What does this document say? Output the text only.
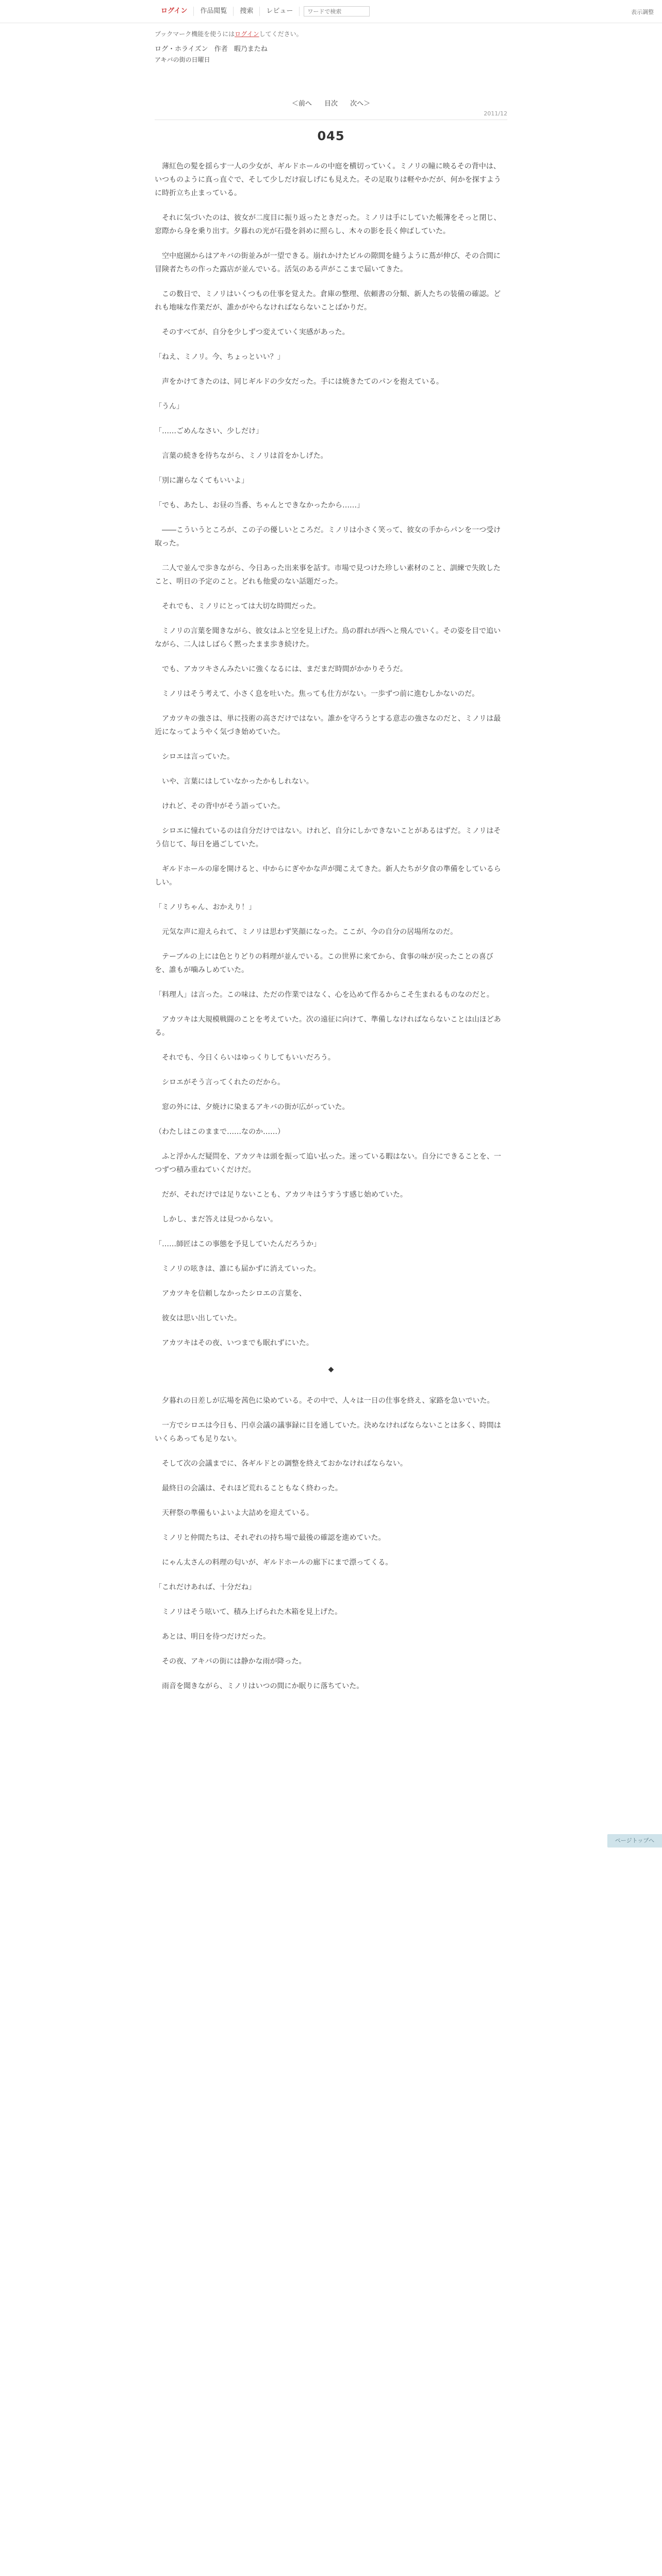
ログイン	作品閲覧	捜索	レビュー
ワードで検索	表示調整
ブックマーク機能を使うにはログインしてください。
ログ・ホライズン 作者 暇乃またね
アキバの街の日曜日
＜前へ 目次 次へ＞
2011/12
045

薄紅色の髪を揺らす一人の少女が、ギルドホールの中庭を横切っていく。ミノリの瞳に映るその背中は、いつものように真っ直ぐで、そして少しだけ寂しげにも見えた。その足取りは軽やかだが、何かを探すように時折立ち止まっている。

それに気づいたのは、彼女が二度目に振り返ったときだった。ミノリは手にしていた帳簿をそっと閉じ、窓際から身を乗り出す。夕暮れの光が石畳を斜めに照らし、木々の影を長く伸ばしていた。

空中庭園からはアキバの街並みが一望できる。崩れかけたビルの隙間を縫うように蔦が伸び、その合間に冒険者たちの作った露店が並んでいる。活気のある声がここまで届いてきた。

この数日で、ミノリはいくつもの仕事を覚えた。倉庫の整理、依頼書の分類、新人たちの装備の確認。どれも地味な作業だが、誰かがやらなければならないことばかりだ。

そのすべてが、自分を少しずつ変えていく実感があった。

「ねえ、ミノリ。今、ちょっといい？」

声をかけてきたのは、同じギルドの少女だった。手には焼きたてのパンを抱えている。

「うん」

「……ごめんなさい、少しだけ」

言葉の続きを待ちながら、ミノリは首をかしげた。

「別に謝らなくてもいいよ」

「でも、あたし、お昼の当番、ちゃんとできなかったから……」

――こういうところが、この子の優しいところだ。ミノリは小さく笑って、彼女の手からパンを一つ受け取った。

二人で並んで歩きながら、今日あった出来事を話す。市場で見つけた珍しい素材のこと、訓練で失敗したこと、明日の予定のこと。どれも他愛のない話題だった。

それでも、ミノリにとっては大切な時間だった。

ミノリの言葉を聞きながら、彼女はふと空を見上げた。鳥の群れが西へと飛んでいく。その姿を目で追いながら、二人はしばらく黙ったまま歩き続けた。

でも、アカツキさんみたいに強くなるには、まだまだ時間がかかりそうだ。

ミノリはそう考えて、小さく息を吐いた。焦っても仕方がない。一歩ずつ前に進むしかないのだ。

アカツキの強さは、単に技術の高さだけではない。誰かを守ろうとする意志の強さなのだと、ミノリは最近になってようやく気づき始めていた。

シロエは言っていた。

いや、言葉にはしていなかったかもしれない。

けれど、その背中がそう語っていた。

シロエに憧れているのは自分だけではない。けれど、自分にしかできないことがあるはずだ。ミノリはそう信じて、毎日を過ごしていた。

ギルドホールの扉を開けると、中からにぎやかな声が聞こえてきた。新人たちが夕食の準備をしているらしい。

「ミノリちゃん、おかえり！」

元気な声に迎えられて、ミノリは思わず笑顔になった。ここが、今の自分の居場所なのだ。

テーブルの上には色とりどりの料理が並んでいる。この世界に来てから、食事の味が戻ったことの喜びを、誰もが噛みしめていた。

「料理人」は言った。この味は、ただの作業ではなく、心を込めて作るからこそ生まれるものなのだと。

アカツキは大規模戦闘のことを考えていた。次の遠征に向けて、準備しなければならないことは山ほどある。

それでも、今日くらいはゆっくりしてもいいだろう。

シロエがそう言ってくれたのだから。

窓の外には、夕焼けに染まるアキバの街が広がっていた。

（わたしはこのままで……なのか……）

ふと浮かんだ疑問を、アカツキは頭を振って追い払った。迷っている暇はない。自分にできることを、一つずつ積み重ねていくだけだ。

だが、それだけでは足りないことも、アカツキはうすうす感じ始めていた。

しかし、まだ答えは見つからない。

「……師匠はこの事態を予見していたんだろうか」

ミノリの呟きは、誰にも届かずに消えていった。

アカツキを信頼しなかったシロエの言葉を、

彼女は思い出していた。

アカツキはその夜、いつまでも眠れずにいた。

◆

夕暮れの日差しが広場を茜色に染めている。その中で、人々は一日の仕事を終え、家路を急いでいた。

一方でシロエは今日も、円卓会議の議事録に目を通していた。決めなければならないことは多く、時間はいくらあっても足りない。

そして次の会議までに、各ギルドとの調整を終えておかなければならない。

最終日の会議は、それほど荒れることもなく終わった。

天秤祭の準備もいよいよ大詰めを迎えている。

ミノリと仲間たちは、それぞれの持ち場で最後の確認を進めていた。

にゃん太さんの料理の匂いが、ギルドホールの廊下にまで漂ってくる。

「これだけあれば、十分だね」

ミノリはそう呟いて、積み上げられた木箱を見上げた。

あとは、明日を待つだけだった。

その夜、アキバの街には静かな雨が降った。

雨音を聞きながら、ミノリはいつの間にか眠りに落ちていた。

ページトップへ
